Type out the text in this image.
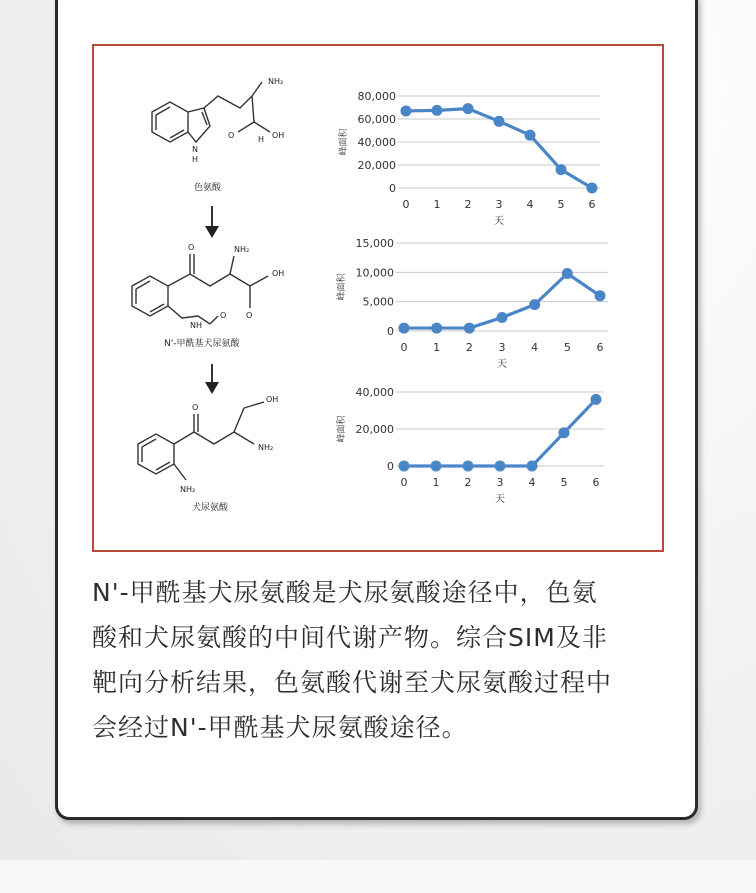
NH₂
H
O	OH
N
H
色氨酸
O	NH₂
OH
O
NH
O
N'-甲酰基犬尿氨酸
O
OH
NH₂
NH₂
犬尿氨酸
80,000
60,000
40,000
20,000
0
0 1 2 3 4 5 6
天
峰面积
15,000
10,000
5,000
0
0 1 2 3 4 5 6
天
峰面积
40,000
20,000
0
0 1 2 3 4 5 6
天
峰面积

N'-甲酰基犬尿氨酸是犬尿氨酸途径中，色氨

酸和犬尿氨酸的中间代谢产物。综合SIM及非

靶向分析结果，色氨酸代谢至犬尿氨酸过程中

会经过N'-甲酰基犬尿氨酸途径。
